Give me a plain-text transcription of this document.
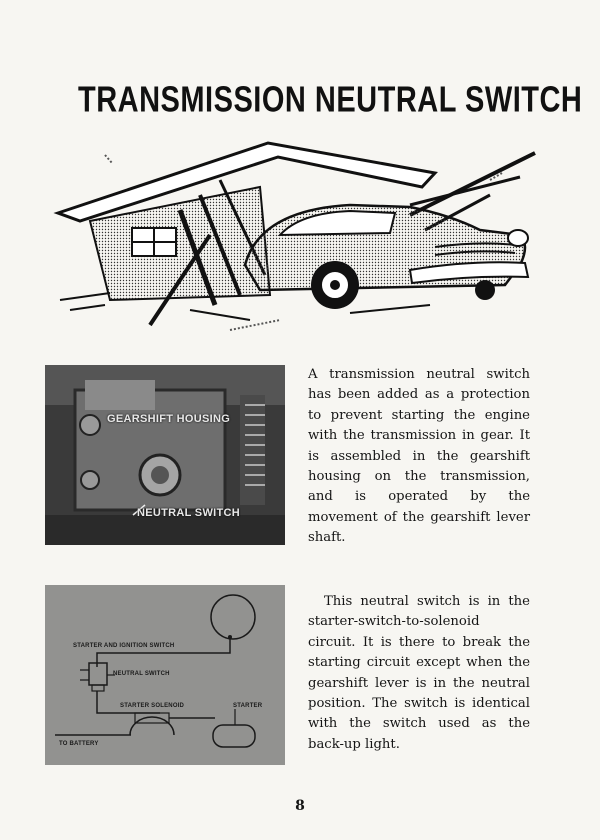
TRANSMISSION NEUTRAL SWITCH
GEARSHIFT HOUSING
NEUTRAL SWITCH
A transmission neutral switch has been added as a protection to prevent starting the engine with the transmission in gear. It is assembled in the gearshift housing on the transmission, and is operated by the movement of the gearshift lever shaft.
STARTER AND IGNITION SWITCH
NEUTRAL SWITCH
STARTER SOLENOID	STARTER
TO BATTERY
This neutral switch is in the starter-switch-to-solenoid circuit. It is there to break the starting circuit except when the gearshift lever is in the neutral position. The switch is identical with the switch used as the back-up light.
8
